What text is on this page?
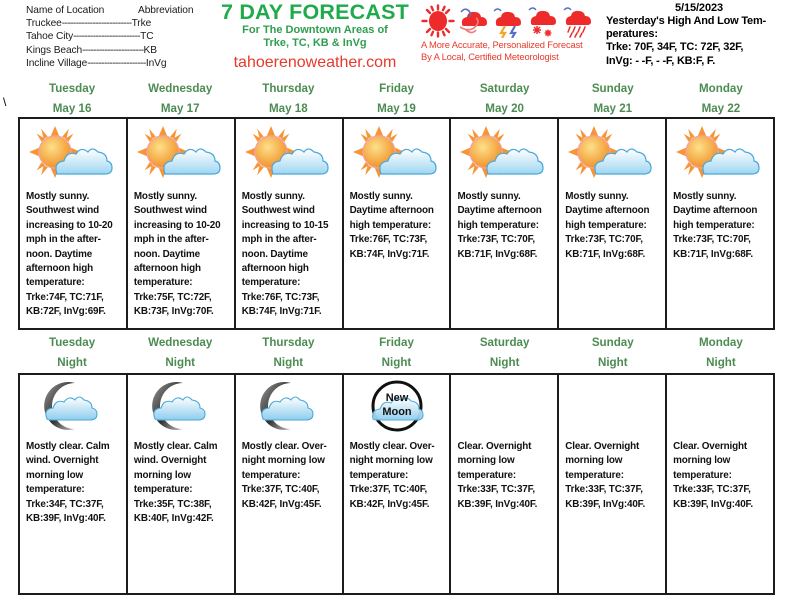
Name of Location	Abbreviation
Truckee ------------------------- Trke
Tahoe City ------------------------ TC
Kings Beach ---------------------- KB
Incline Village --------------------- InVg
7 DAY FORECAST
For The Downtown Areas of
Trke, TC, KB & InVg
tahoerenoweather.com
A More Accurate, Personalized Forecast
By A Local, Certified Meteorologist
5/15/2023
Yesterday's High And Low Tem-
peratures:
Trke: 70F, 34F, TC: 72F, 32F,
InVg: - -F, - -F, KB:F, F.
\
Tuesday
May 16
Wednesday
May 17
Thursday
May 18
Friday
May 19
Saturday
May 20
Sunday
May 21
Monday
May 22
Mostly sunny.
Southwest wind
increasing to 10-20
mph in the after-
noon. Daytime
afternoon high
temperature:
Trke:74F, TC:71F,
KB:72F, InVg:69F.
Mostly sunny.
Southwest wind
increasing to 10-20
mph in the after-
noon. Daytime
afternoon high
temperature:
Trke:75F, TC:72F,
KB:73F, InVg:70F.
Mostly sunny.
Southwest wind
increasing to 10-15
mph in the after-
noon. Daytime
afternoon high
temperature:
Trke:76F, TC:73F,
KB:74F, InVg:71F.
Mostly sunny.
Daytime afternoon
high temperature:
Trke:76F, TC:73F,
KB:74F, InVg:71F.
Mostly sunny.
Daytime afternoon
high temperature:
Trke:73F, TC:70F,
KB:71F, InVg:68F.
Mostly sunny.
Daytime afternoon
high temperature:
Trke:73F, TC:70F,
KB:71F, InVg:68F.
Mostly sunny.
Daytime afternoon
high temperature:
Trke:73F, TC:70F,
KB:71F, InVg:68F.
Tuesday
Night
Wednesday
Night
Thursday
Night
Friday
Night
Saturday
Night
Sunday
Night
Monday
Night
Mostly clear. Calm
wind. Overnight
morning low
temperature:
Trke:34F, TC:37F,
KB:39F, InVg:40F.
Mostly clear. Calm
wind. Overnight
morning low
temperature:
Trke:35F, TC:38F,
KB:40F, InVg:42F.
Mostly clear. Over-
night morning low
temperature:
Trke:37F, TC:40F,
KB:42F, InVg:45F.
New
Moon
Mostly clear. Over-
night morning low
temperature:
Trke:37F, TC:40F,
KB:42F, InVg:45F.
Clear. Overnight
morning low
temperature:
Trke:33F, TC:37F,
KB:39F, InVg:40F.
Clear. Overnight
morning low
temperature:
Trke:33F, TC:37F,
KB:39F, InVg:40F.
Clear. Overnight
morning low
temperature:
Trke:33F, TC:37F,
KB:39F, InVg:40F.
